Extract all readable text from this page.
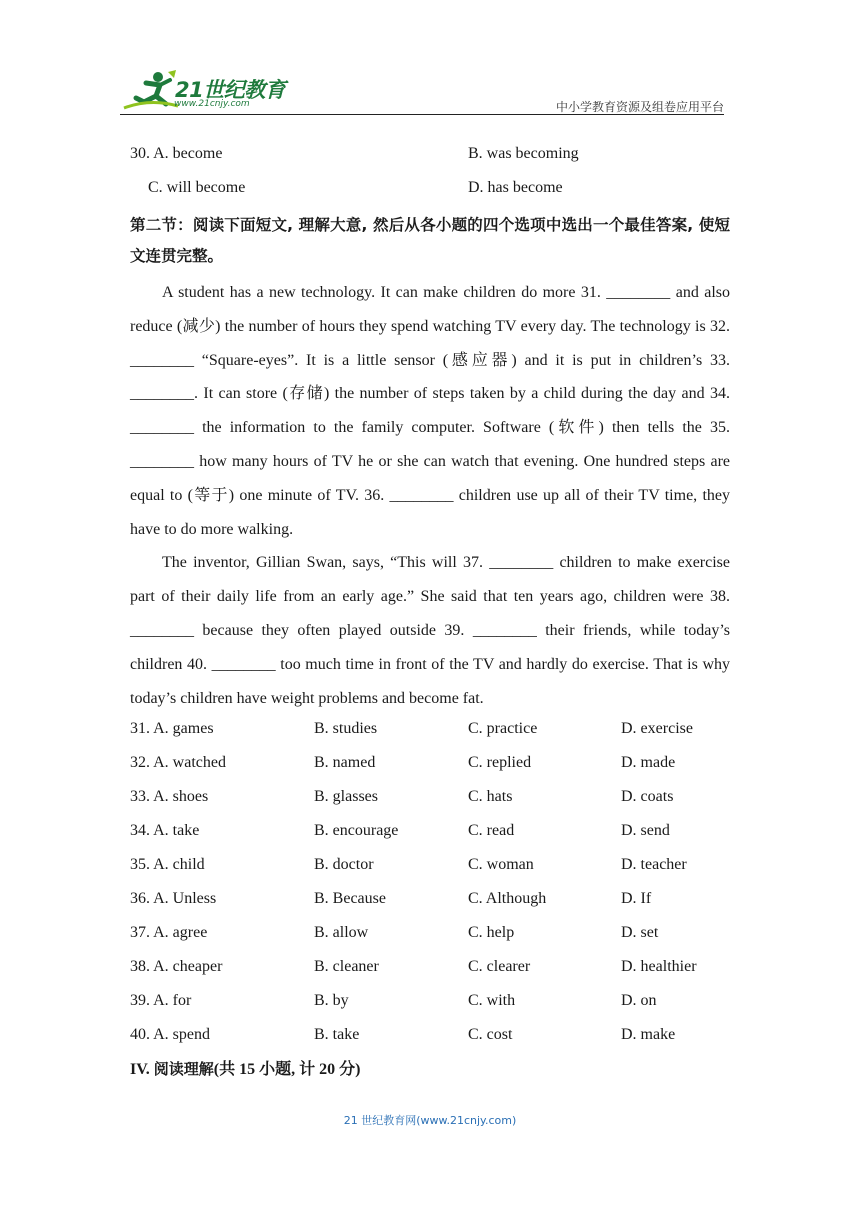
21世纪教育
www.21cnjy.com	中小学教育资源及组卷应用平台
30. A. become	B. was becoming
C. will become	D. has become
第二节：阅读下面短文, 理解大意, 然后从各小题的四个选项中选出一个最佳答案, 使短文连贯完整。

A student has a new technology. It can make children do more 31. ________ and also reduce (减少) the number of hours they spend watching TV every day. The technology is 32. ________ “Square-eyes”. It is a little sensor (感应器) and it is put in children’s 33. ________. It can store (存储) the number of steps taken by a child during the day and 34. ________ the information to the family computer. Software (软件) then tells the 35. ________ how many hours of TV he or she can watch that evening. One hundred steps are equal to (等于) one minute of TV. 36. ________ children use up all of their TV time, they have to do more walking.

The inventor, Gillian Swan, says, “This will 37. ________ children to make exercise part of their daily life from an early age.” She said that ten years ago, children were 38. ________ because they often played outside 39. ________ their friends, while today’s children 40. ________ too much time in front of the TV and hardly do exercise. That is why today’s children have weight problems and become fat.

31. A. games	B. studies	C. practice	D. exercise
32. A. watched	B. named	C. replied	D. made
33. A. shoes	B. glasses	C. hats	D. coats
34. A. take	B. encourage	C. read	D. send
35. A. child	B. doctor	C. woman	D. teacher
36. A. Unless	B. Because	C. Although	D. If
37. A. agree	B. allow	C. help	D. set
38. A. cheaper	B. cleaner	C. clearer	D. healthier
39. A. for	B. by	C. with	D. on
40. A. spend	B. take	C. cost	D. make
IV. 阅读理解(共 15 小题, 计 20 分)
21 世纪教育网(www.21cnjy.com)
